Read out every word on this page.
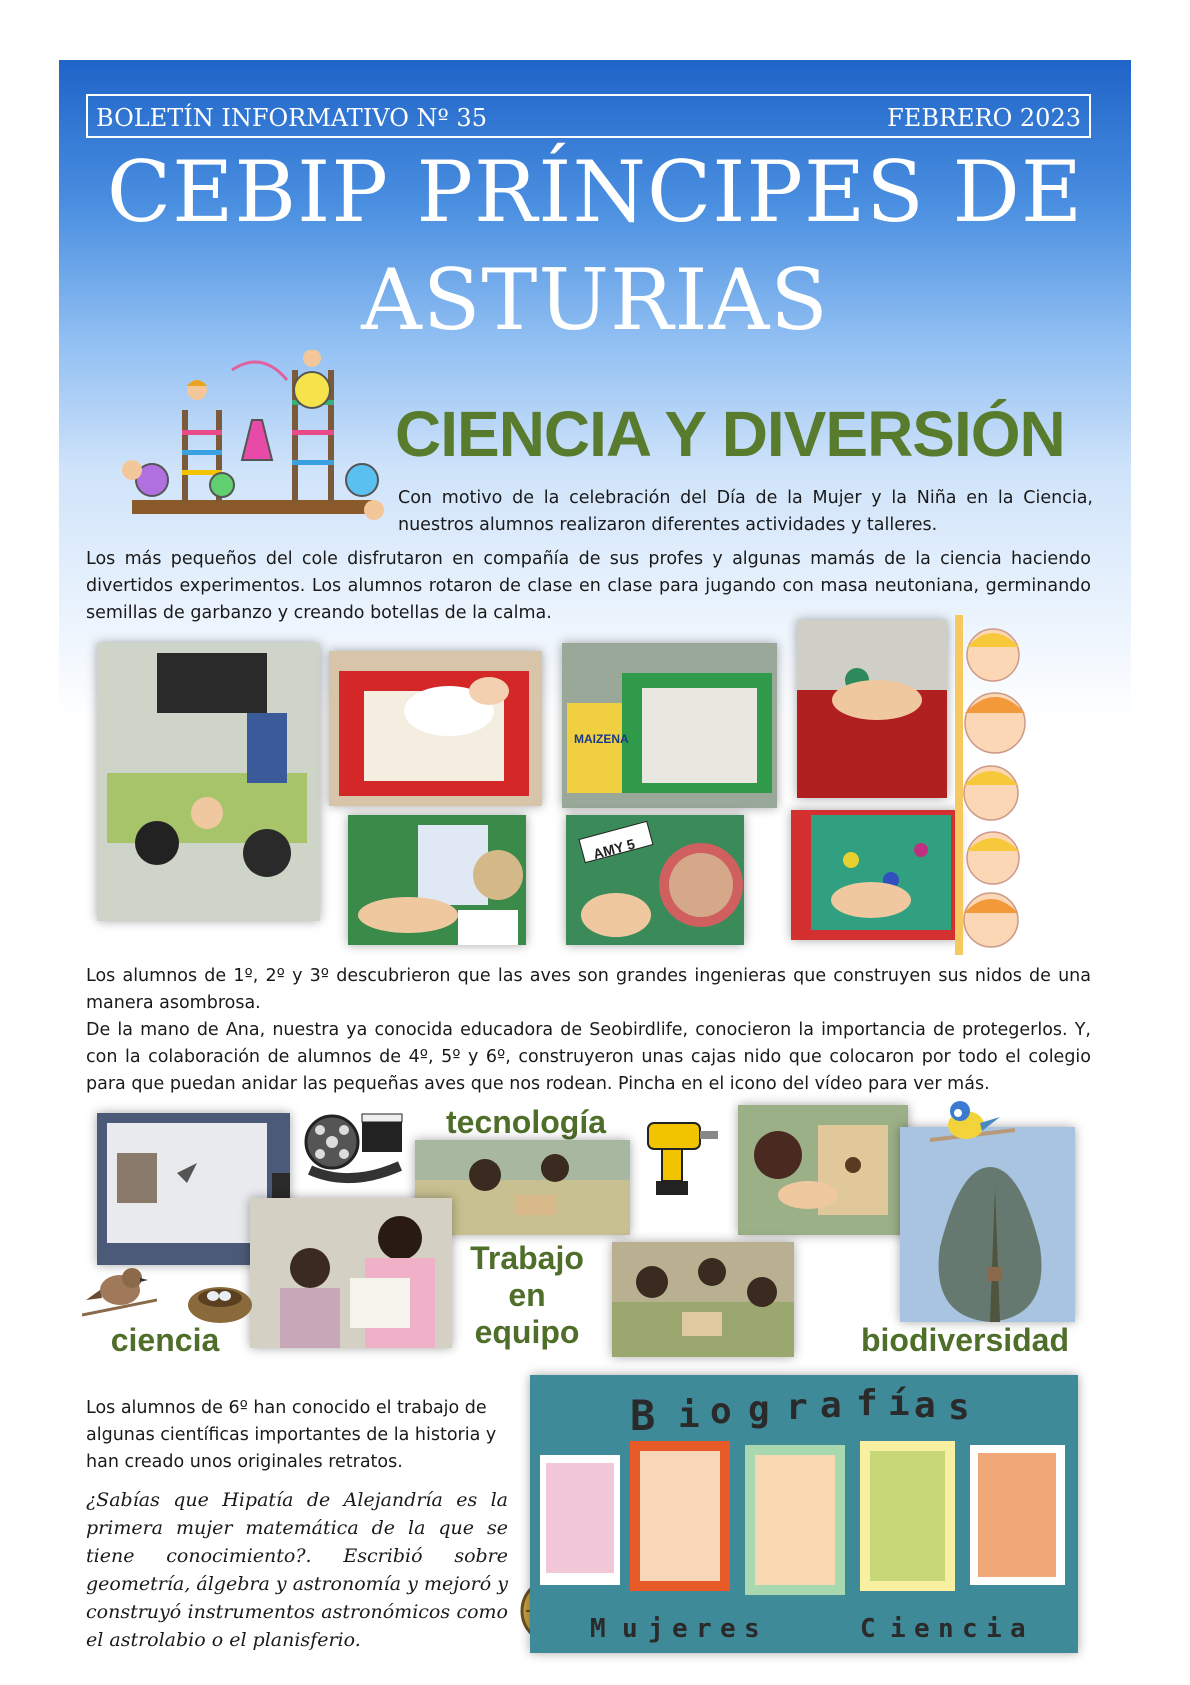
BOLETÍN INFORMATIVO Nº 35	FEBRERO 2023
CEBIP PRÍNCIPES DE
ASTURIAS
CIENCIA Y DIVERSIÓN
Con motivo de la celebración del Día de la Mujer y la Niña en la Ciencia, nuestros alumnos realizaron diferentes actividades y talleres.
Los más pequeños del cole disfrutaron en compañía de sus profes y algunas mamás de la ciencia haciendo divertidos experimentos. Los alumnos rotaron de clase en clase para jugando con masa neutoniana, germinando semillas de garbanzo y creando botellas de la calma.
MAIZENA
AMY 5
Los alumnos de 1º, 2º y 3º descubrieron que las aves son grandes ingenieras que construyen sus nidos de una manera asombrosa.
De la mano de Ana, nuestra ya conocida educadora de Seobirdlife, conocieron la importancia de protegerlos. Y, con la colaboración de alumnos de 4º, 5º y 6º, construyeron unas cajas nido que colocaron por todo el colegio para que puedan anidar las pequeñas aves que nos rodean. Pincha en el icono del vídeo para ver más.
tecnología
Trabajo
en
equipo
ciencia	biodiversidad
Los alumnos de 6º han conocido el trabajo de algunas científicas importantes de la historia y han creado unos originales retratos.
¿Sabías que Hipatía de Alejandría es la primera mujer matemática de la que se tiene conocimiento?. Escribió sobre geometría, álgebra y astronomía y mejoró y construyó instrumentos astronómicos como el astrolabio o el planisferio.
B i o g r a f í a s
M u j e r e s	C i e n c i a
